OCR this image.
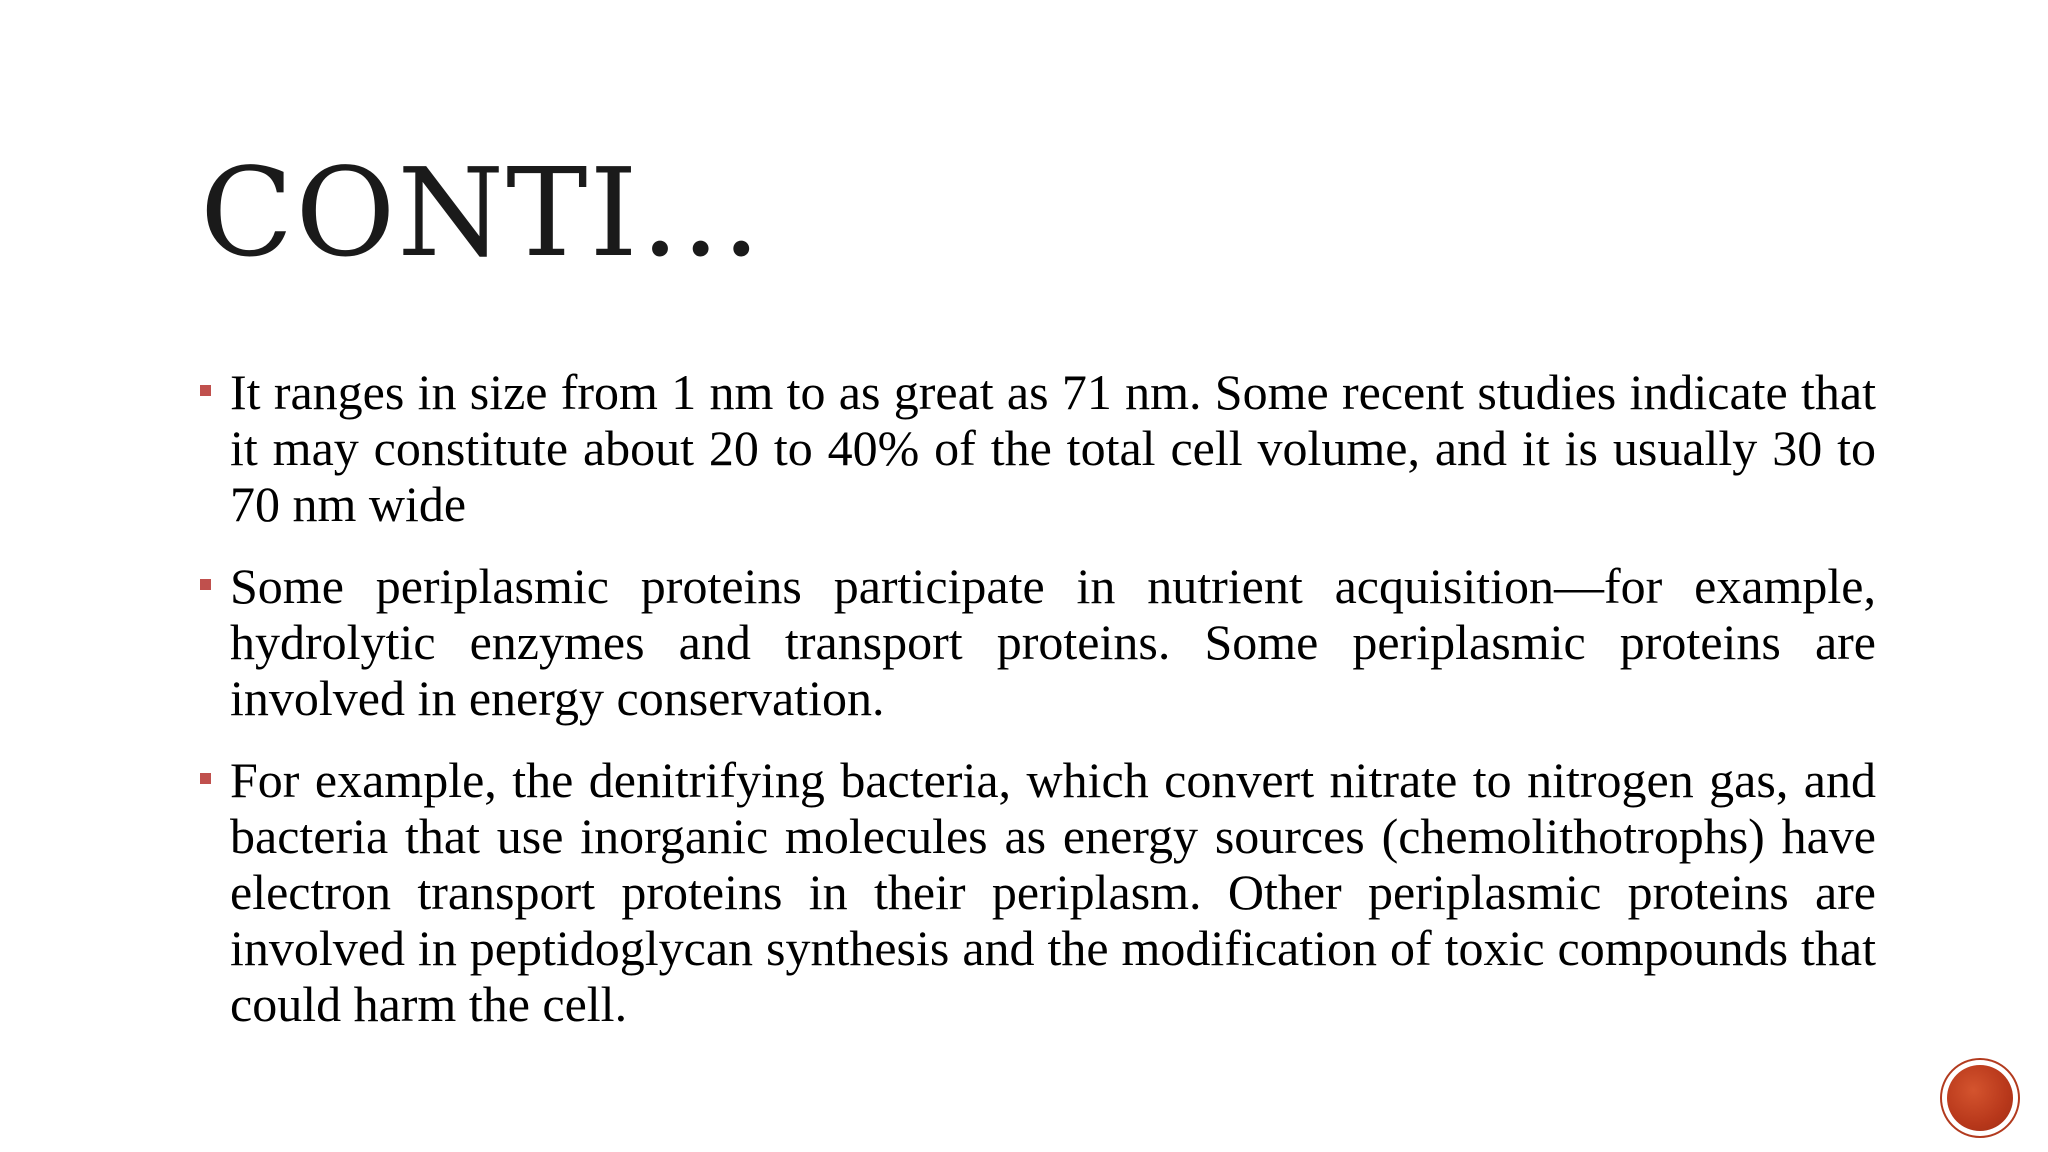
CONTI…
It ranges in size from 1 nm to as great as 71 nm. Some recent studies indicate that it may constitute about 20 to 40% of the total cell volume, and it is usually 30 to 70 nm wide
Some periplasmic proteins participate in nutrient acquisition—for example, hydrolytic enzymes and transport proteins. Some periplasmic proteins are involved in energy conservation.
For example, the denitrifying bacteria, which convert nitrate to nitrogen gas, and bacteria that use inorganic molecules as energy sources (chemolithotrophs) have electron transport proteins in their periplasm. Other periplasmic proteins are involved in peptidoglycan synthesis and the modification of toxic compounds that could harm the cell.
